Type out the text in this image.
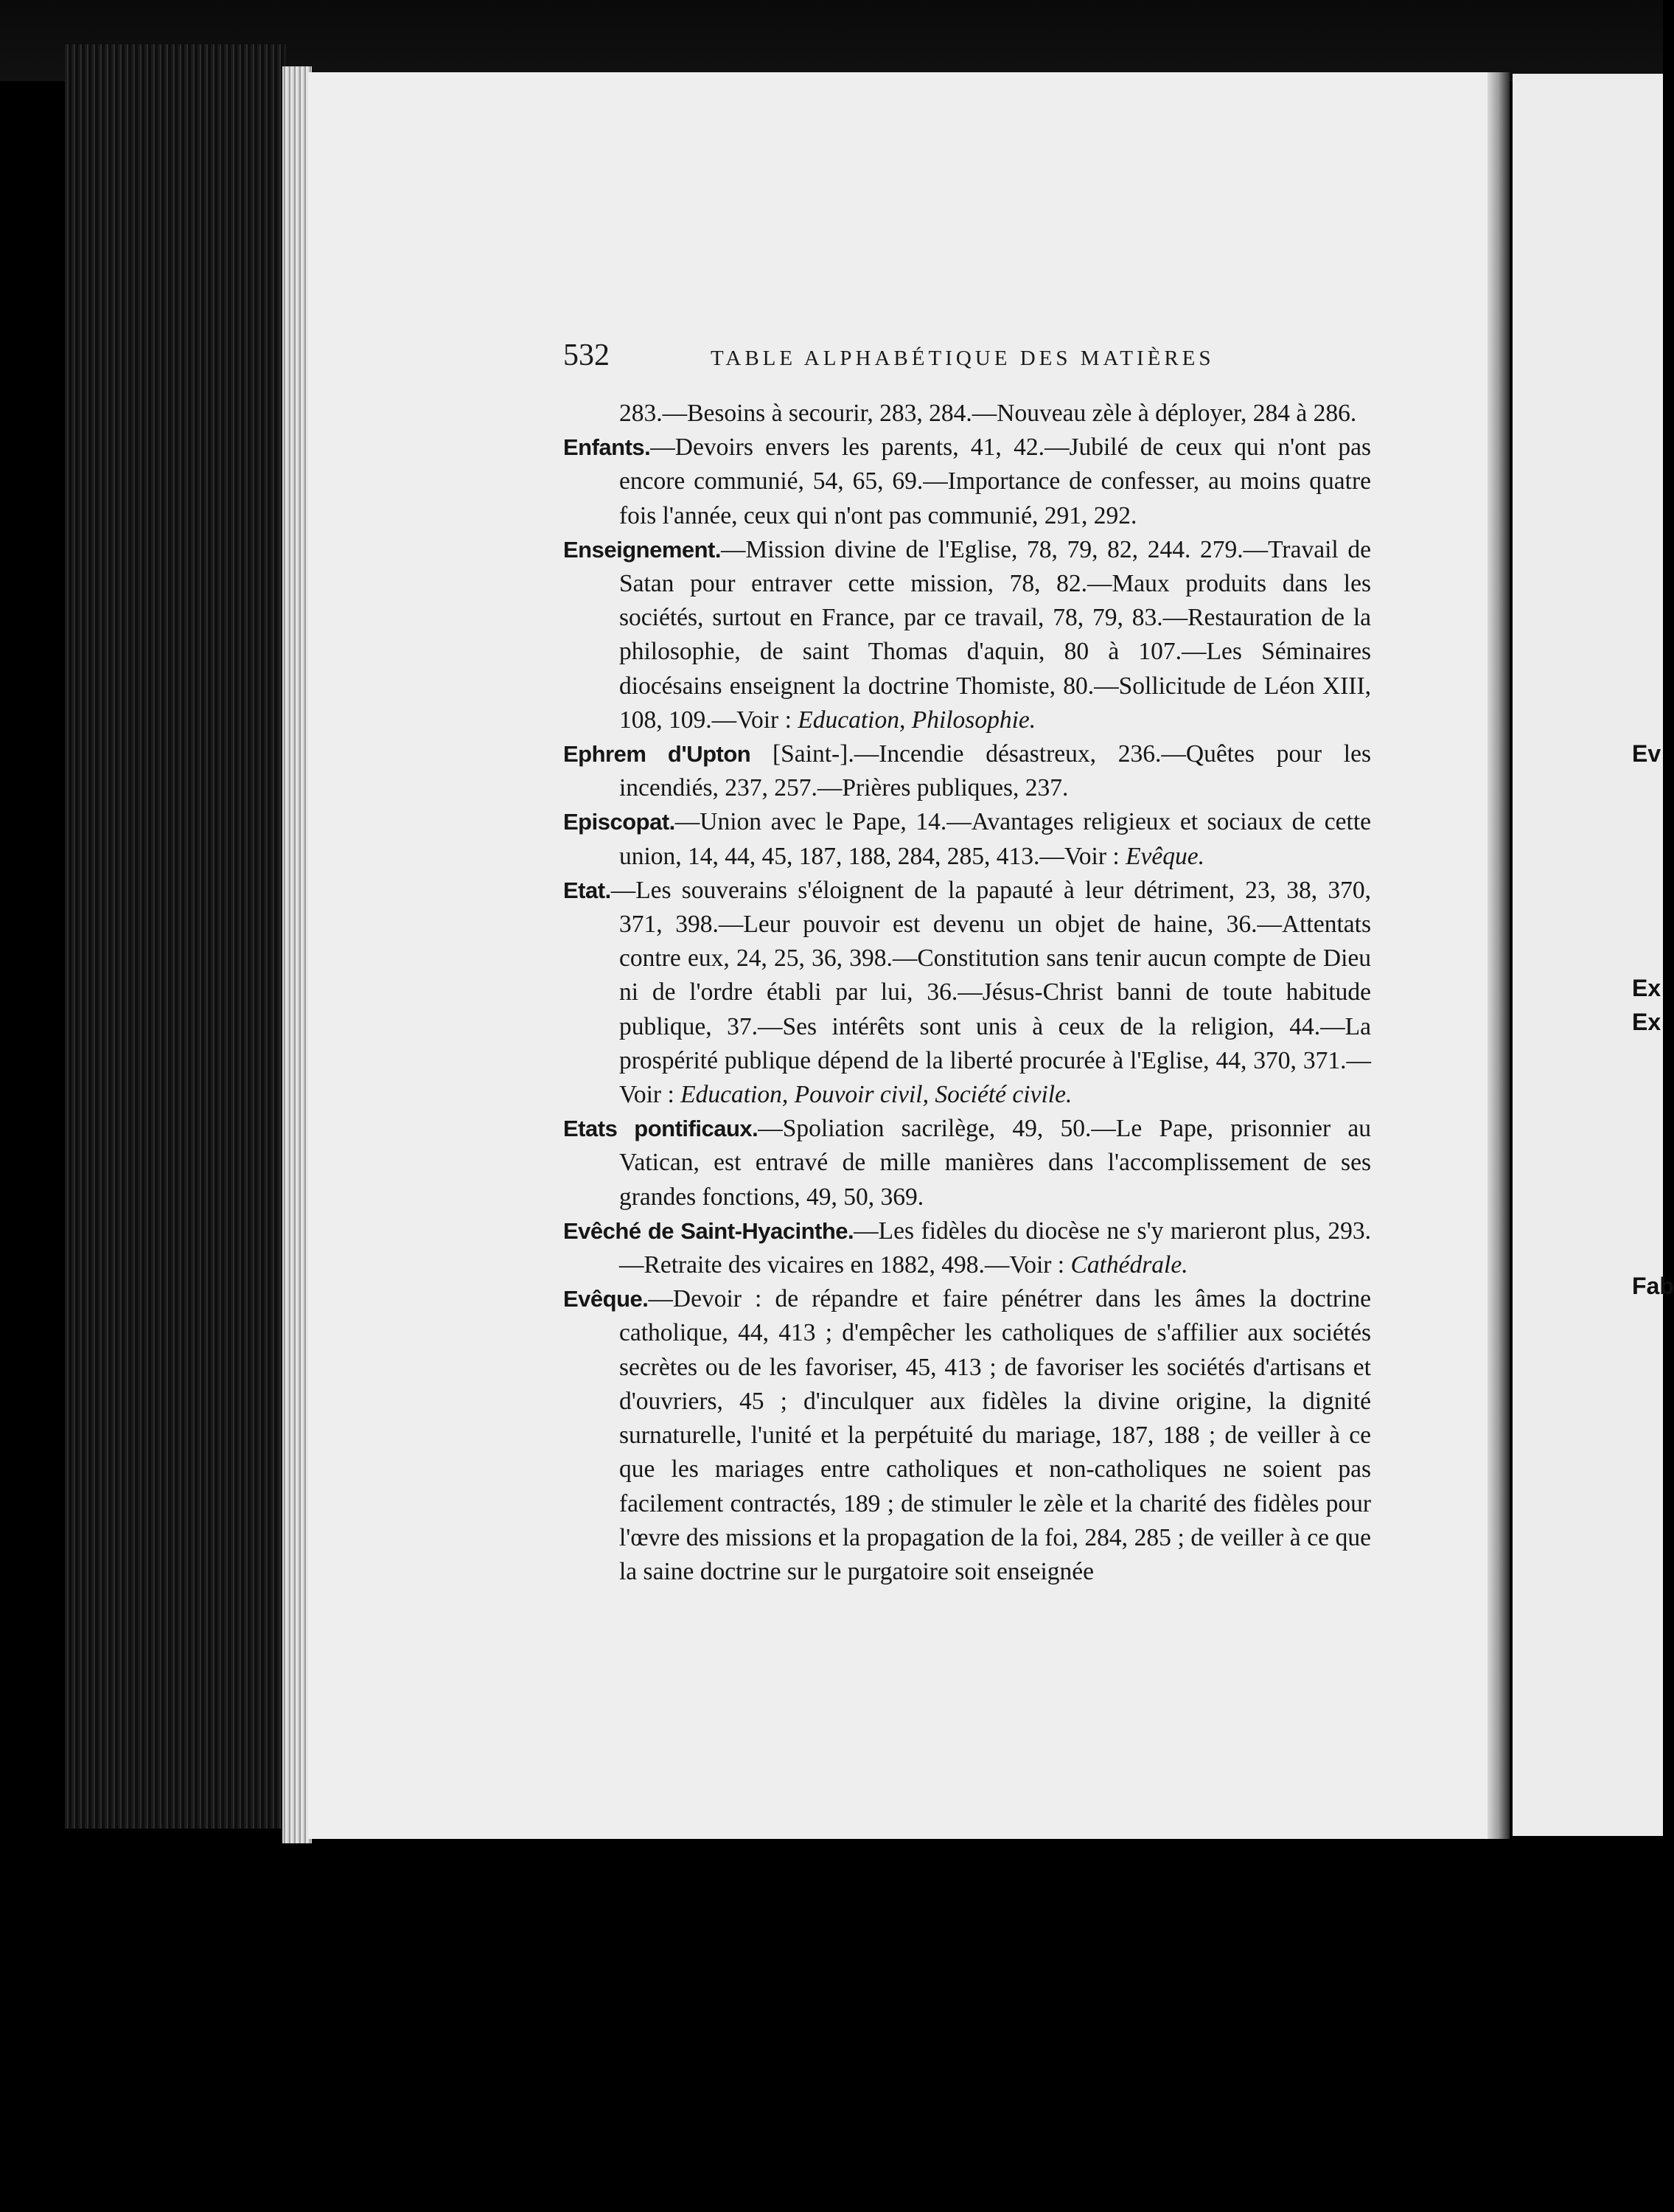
Ev
Ex
Ex
Fab
532	TABLE ALPHABÉTIQUE DES MATIÈRES
283.—Besoins à secourir, 283, 284.—Nouveau zèle à déployer, 284 à 286.
Enfants.—Devoirs envers les parents, 41, 42.—Jubilé de ceux qui n'ont pas encore communié, 54, 65, 69.—Importance de confesser, au moins quatre fois l'année, ceux qui n'ont pas communié, 291, 292.
Enseignement.—Mission divine de l'Eglise, 78, 79, 82, 244. 279.—Travail de Satan pour entraver cette mission, 78, 82.—Maux produits dans les sociétés, surtout en France, par ce travail, 78, 79, 83.—Restauration de la philosophie, de saint Thomas d'aquin, 80 à 107.—Les Séminaires diocésains enseignent la doctrine Thomiste, 80.—Sollicitude de Léon XIII, 108, 109.—Voir : Education, Philosophie.
Ephrem d'Upton [Saint-].—Incendie désastreux, 236.—Quêtes pour les incendiés, 237, 257.—Prières publiques, 237.
Episcopat.—Union avec le Pape, 14.—Avantages religieux et sociaux de cette union, 14, 44, 45, 187, 188, 284, 285, 413.—Voir : Evêque.
Etat.—Les souverains s'éloignent de la papauté à leur détriment, 23, 38, 370, 371, 398.—Leur pouvoir est devenu un objet de haine, 36.—Attentats contre eux, 24, 25, 36, 398.—Constitution sans tenir aucun compte de Dieu ni de l'ordre établi par lui, 36.—Jésus-Christ banni de toute habitude publique, 37.—Ses intérêts sont unis à ceux de la religion, 44.—La prospérité publique dépend de la liberté procurée à l'Eglise, 44, 370, 371.—Voir : Education, Pouvoir civil, Société civile.
Etats pontificaux.—Spoliation sacrilège, 49, 50.—Le Pape, prisonnier au Vatican, est entravé de mille manières dans l'accomplissement de ses grandes fonctions, 49, 50, 369.
Evêché de Saint-Hyacinthe.—Les fidèles du diocèse ne s'y marieront plus, 293.—Retraite des vicaires en 1882, 498.—Voir : Cathédrale.
Evêque.—Devoir : de répandre et faire pénétrer dans les âmes la doctrine catholique, 44, 413 ; d'empêcher les catholiques de s'affilier aux sociétés secrètes ou de les favoriser, 45, 413 ; de favoriser les sociétés d'artisans et d'ouvriers, 45 ; d'inculquer aux fidèles la divine origine, la dignité surnaturelle, l'unité et la perpétuité du mariage, 187, 188 ; de veiller à ce que les mariages entre catholiques et non-catholiques ne soient pas facilement contractés, 189 ; de stimuler le zèle et la charité des fidèles pour l'œvre des missions et la propagation de la foi, 284, 285 ; de veiller à ce que la saine doctrine sur le purgatoire soit enseignée
